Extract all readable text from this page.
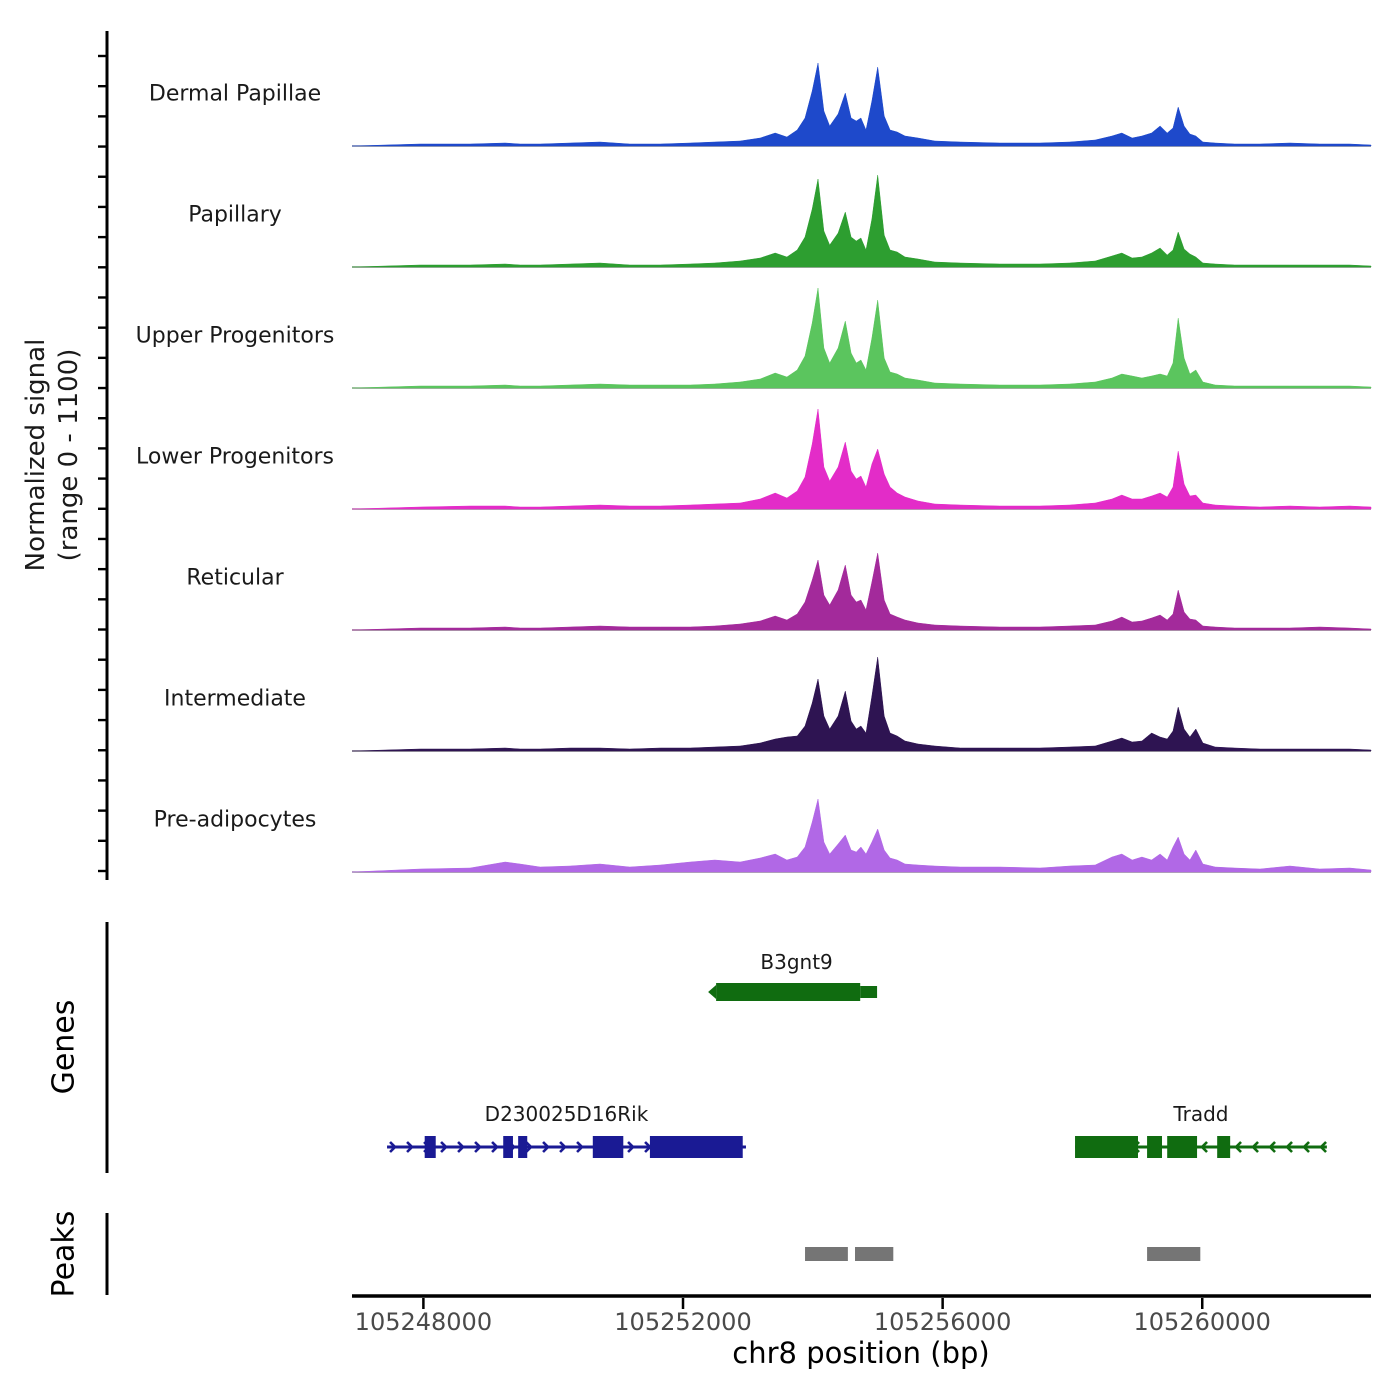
Normalized signal (range 0 - 1100)
Genes
Peaks
Dermal Papillae
Papillary
Upper Progenitors
Lower Progenitors
Reticular
Intermediate
Pre-adipocytes
B3gnt9
D230025D16Rik	Tradd
105248000	105252000	105256000	105260000
chr8 position (bp)
